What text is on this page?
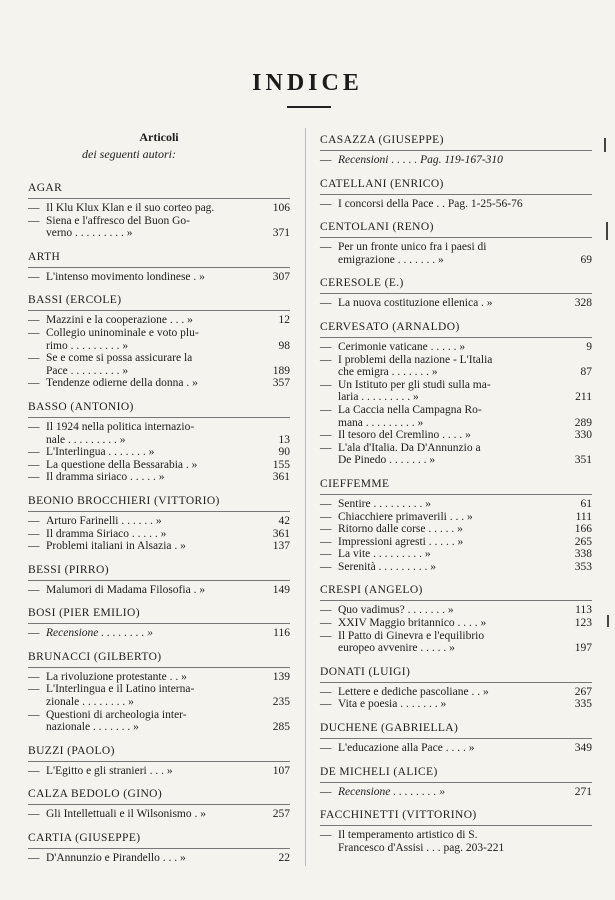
INDICE
Articoli
dei seguenti autori:
AGAR
— Il Klu Klux Klan e il suo corteo pag.	106
— Siena e l'affresco del Buon Go-
verno . . . . . . . . . »	371
ARTH
— L'intenso movimento londinese . »	307
BASSI (ERCOLE)
— Mazzini e la cooperazione . . . »	12
— Collegio uninominale e voto plu-
rimo . . . . . . . . . »	98
— Se e come si possa assicurare la
Pace . . . . . . . . . »	189
— Tendenze odierne della donna . »	357
BASSO (ANTONIO)
— Il 1924 nella politica internazio-
nale . . . . . . . . . »	13
— L'Interlingua . . . . . . . »	90
— La questione della Bessarabia . »	155
— Il dramma siriaco . . . . . »	361
BEONIO BROCCHIERI (VITTORIO)
— Arturo Farinelli . . . . . . »	42
— Il dramma Siriaco . . . . . »	361
— Problemi italiani in Alsazia . »	137
BESSI (PIRRO)
— Malumori di Madama Filosofia . »	149
BOSI (PIER EMILIO)
— Recensione . . . . . . . . »	116
BRUNACCI (GILBERTO)
— La rivoluzione protestante . . »	139
— L'Interlingua e il Latino interna-
zionale . . . . . . . . »	235
— Questioni di archeologia inter-
nazionale . . . . . . . »	285
BUZZI (PAOLO)
— L'Egitto e gli stranieri . . . »	107
CALZA BEDOLO (GINO)
— Gli Intellettuali e il Wilsonismo . »	257
CARTIA (GIUSEPPE)
— D'Annunzio e Pirandello . . . »	22
CASAZZA (GIUSEPPE)
— Recensioni . . . . . Pag. 119-167-310
CATELLANI (ENRICO)
— I concorsi della Pace . . Pag. 1-25-56-76
CENTOLANI (RENO)
— Per un fronte unico fra i paesi di
emigrazione . . . . . . . »	69
CERESOLE (E.)
— La nuova costituzione ellenica . »	328
CERVESATO (ARNALDO)
— Cerimonie vaticane . . . . . »	9
— I problemi della nazione - L'Italia
che emigra . . . . . . . »	87
— Un Istituto per gli studi sulla ma-
laria . . . . . . . . . »	211
— La Caccia nella Campagna Ro-
mana . . . . . . . . . »	289
— Il tesoro del Cremlino . . . . »	330
— L'ala d'Italia. Da D'Annunzio a
De Pinedo . . . . . . . »	351
CIEFFEMME
— Sentire . . . . . . . . . »	61
— Chiacchiere primaverili . . . »	111
— Ritorno dalle corse . . . . . »	166
— Impressioni agresti . . . . . »	265
— La vite . . . . . . . . . »	338
— Serenità . . . . . . . . . »	353
CRESPI (ANGELO)
— Quo vadimus? . . . . . . . »	113
— XXIV Maggio britannico . . . . »	123
— Il Patto di Ginevra e l'equilibrio
europeo avvenire . . . . . »	197
DONATI (LUIGI)
— Lettere e dediche pascoliane . . »	267
— Vita e poesia . . . . . . . »	335
DUCHENE (GABRIELLA)
— L'educazione alla Pace . . . . »	349
DE MICHELI (ALICE)
— Recensione . . . . . . . . »	271
FACCHINETTI (VITTORINO)
— Il temperamento artistico di S.
Francesco d'Assisi . . . pag. 203-221
